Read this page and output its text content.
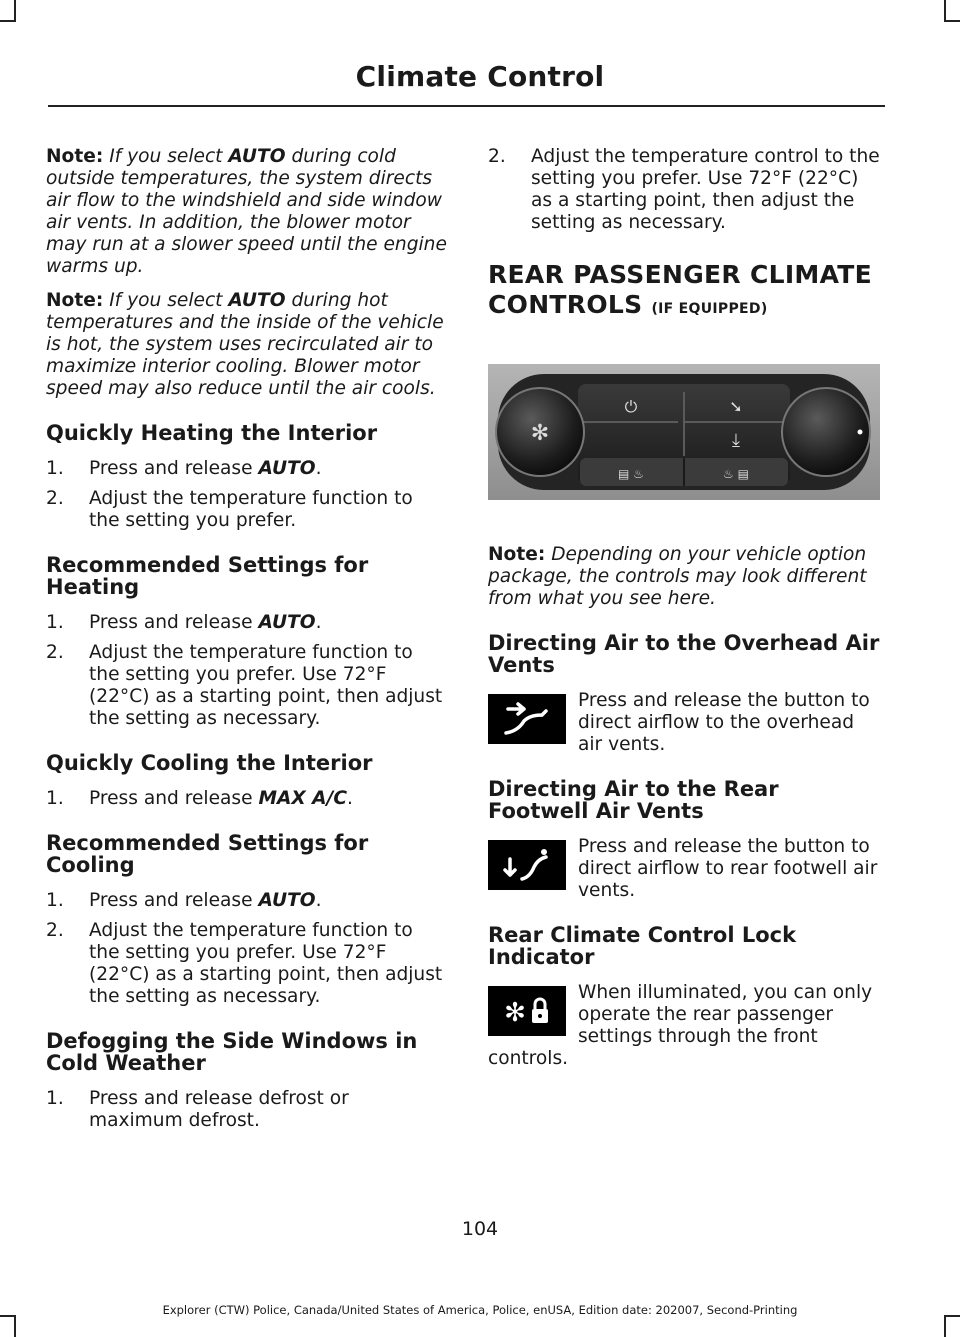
Climate Control

Note: If you select AUTO during cold outside temperatures, the system directs air flow to the windshield and side window air vents. In addition, the blower motor may run at a slower speed until the engine warms up.

Note: If you select AUTO during hot temperatures and the inside of the vehicle is hot, the system uses recirculated air to maximize interior cooling. Blower motor speed may also reduce until the air cools.

Quickly Heating the Interior
1. Press and release AUTO.
2. Adjust the temperature function to the setting you prefer.
Recommended Settings for Heating
1. Press and release AUTO.
2. Adjust the temperature function to the setting you prefer. Use 72°F (22°C) as a starting point, then adjust the setting as necessary.
Quickly Cooling the Interior
1. Press and release MAX A/C.
Recommended Settings for Cooling
1. Press and release AUTO.
2. Adjust the temperature function to the setting you prefer. Use 72°F (22°C) as a starting point, then adjust the setting as necessary.
Defogging the Side Windows in Cold Weather
1. Press and release defrost or maximum defrost.
2. Adjust the temperature control to the setting you prefer. Use 72°F (22°C) as a starting point, then adjust the setting as necessary.
REAR PASSENGER CLIMATE
CONTROLS (IF EQUIPPED)
✻
⏻	➘
⤓
▤ ♨	♨ ▤

Note: Depending on your vehicle option package, the controls may look different from what you see here.

Directing Air to the Overhead Air Vents
Press and release the button to direct airflow to the overhead air vents.
Directing Air to the Rear Footwell Air Vents
Press and release the button to direct airflow to rear footwell air vents.
Rear Climate Control Lock Indicator
✻
When illuminated, you can only operate the rear passenger settings through the front
controls.
104
Explorer (CTW) Police, Canada/United States of America, Police, enUSA, Edition date: 202007, Second-Printing
